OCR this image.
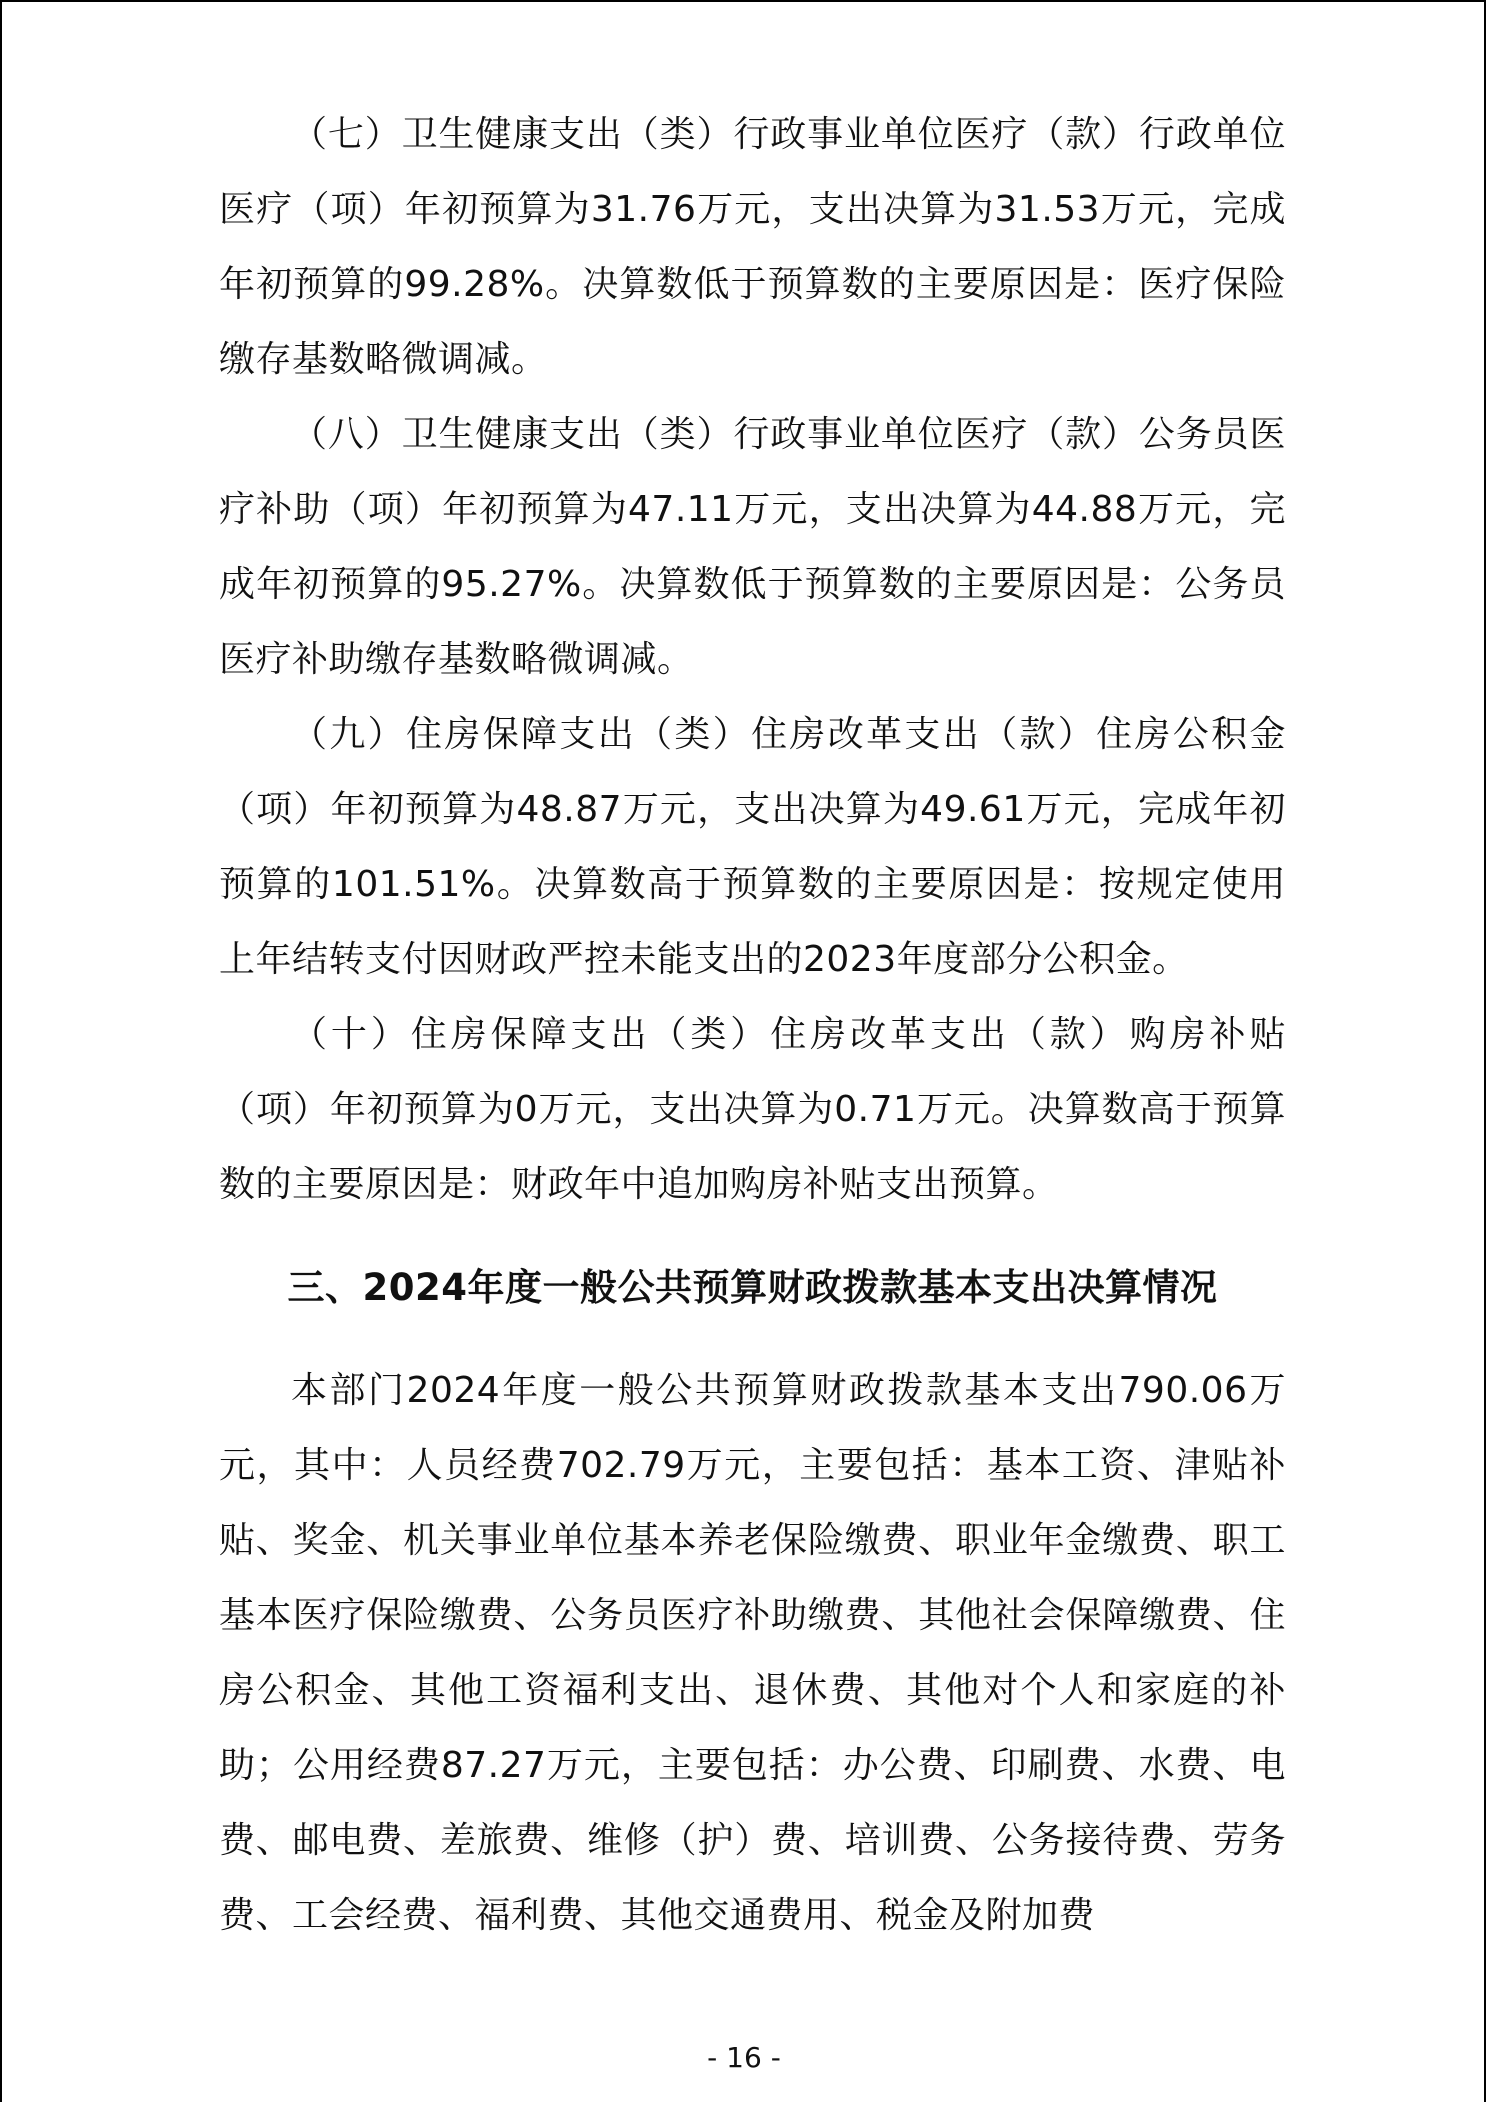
（七）卫生健康支出（类）行政事业单位医疗（款）行政单位医疗（项）年初预算为31.76万元，支出决算为31.53万元，完成年初预算的99.28%。决算数低于预算数的主要原因是：医疗保险缴存基数略微调减。

（八）卫生健康支出（类）行政事业单位医疗（款）公务员医疗补助（项）年初预算为47.11万元，支出决算为44.88万元，完成年初预算的95.27%。决算数低于预算数的主要原因是：公务员医疗补助缴存基数略微调减。

（九）住房保障支出（类）住房改革支出（款）住房公积金（项）年初预算为48.87万元，支出决算为49.61万元，完成年初预算的101.51%。决算数高于预算数的主要原因是：按规定使用上年结转支付因财政严控未能支出的2023年度部分公积金。

（十）住房保障支出（类）住房改革支出（款）购房补贴（项）年初预算为0万元，支出决算为0.71万元。决算数高于预算数的主要原因是：财政年中追加购房补贴支出预算。

三、2024年度一般公共预算财政拨款基本支出决算情况

本部门2024年度一般公共预算财政拨款基本支出790.06万元，其中：人员经费702.79万元，主要包括：基本工资、津贴补贴、奖金、机关事业单位基本养老保险缴费、职业年金缴费、职工基本医疗保险缴费、公务员医疗补助缴费、其他社会保障缴费、住房公积金、其他工资福利支出、退休费、其他对个人和家庭的补助；公用经费87.27万元，主要包括：办公费、印刷费、水费、电费、邮电费、差旅费、维修（护）费、培训费、公务接待费、劳务费、工会经费、福利费、其他交通费用、税金及附加费

- 16 -
